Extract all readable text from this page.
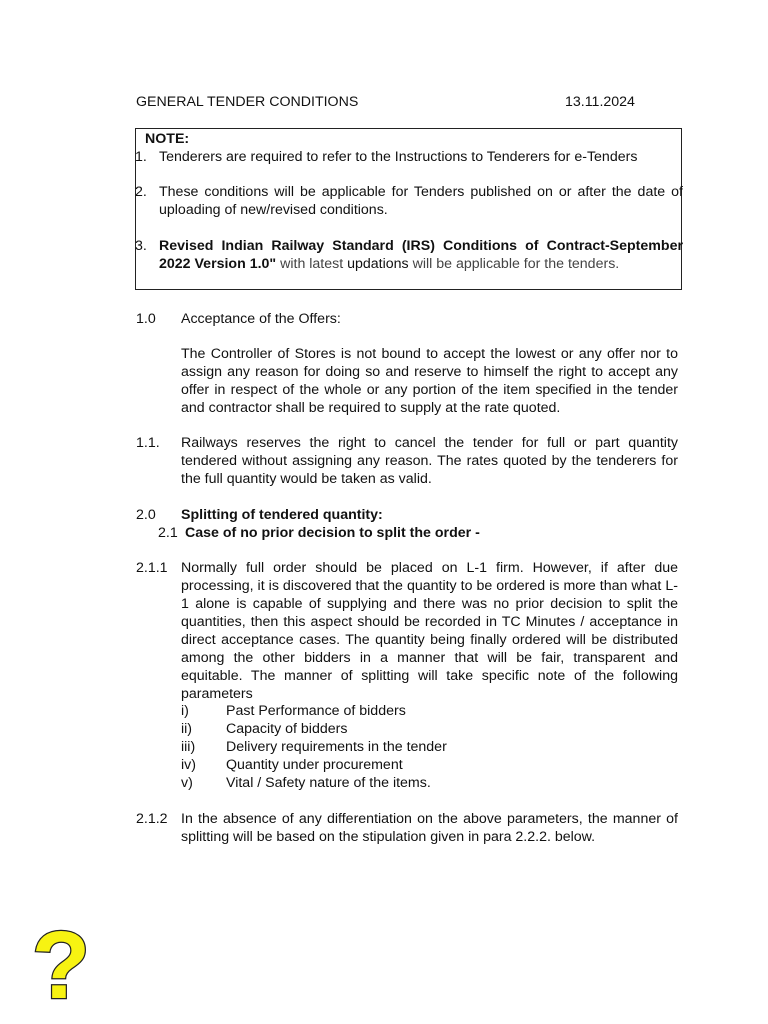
GENERAL TENDER CONDITIONS	13.11.2024
NOTE:
1. Tenderers are required to refer to the Instructions to Tenderers for e-Tenders
2. These conditions will be applicable for Tenders published on or after the date of uploading of new/revised conditions.
3. Revised Indian Railway Standard (IRS) Conditions of Contract-September 2022 Version 1.0" with latest updations will be applicable for the tenders.
1.0 Acceptance of the Offers:
The Controller of Stores is not bound to accept the lowest or any offer nor to assign any reason for doing so and reserve to himself the right to accept any offer in respect of the whole or any portion of the item specified in the tender and contractor shall be required to supply at the rate quoted.
1.1. Railways reserves the right to cancel the tender for full or part quantity tendered without assigning any reason. The rates quoted by the tenderers for the full quantity would be taken as valid.
2.0 Splitting of tendered quantity:
2.1 Case of no prior decision to split the order -
2.1.1 Normally full order should be placed on L-1 firm. However, if after due processing, it is discovered that the quantity to be ordered is more than what L-1 alone is capable of supplying and there was no prior decision to split the quantities, then this aspect should be recorded in TC Minutes / acceptance in direct acceptance cases. The quantity being finally ordered will be distributed among the other bidders in a manner that will be fair, transparent and equitable. The manner of splitting will take specific note of the following parameters
i)	Past Performance of bidders
ii) Capacity of bidders
iii) Delivery requirements in the tender
iv) Quantity under procurement
v) Vital / Safety nature of the items.
2.1.2 In the absence of any differentiation on the above parameters, the manner of splitting will be based on the stipulation given in para 2.2.2. below.
?
